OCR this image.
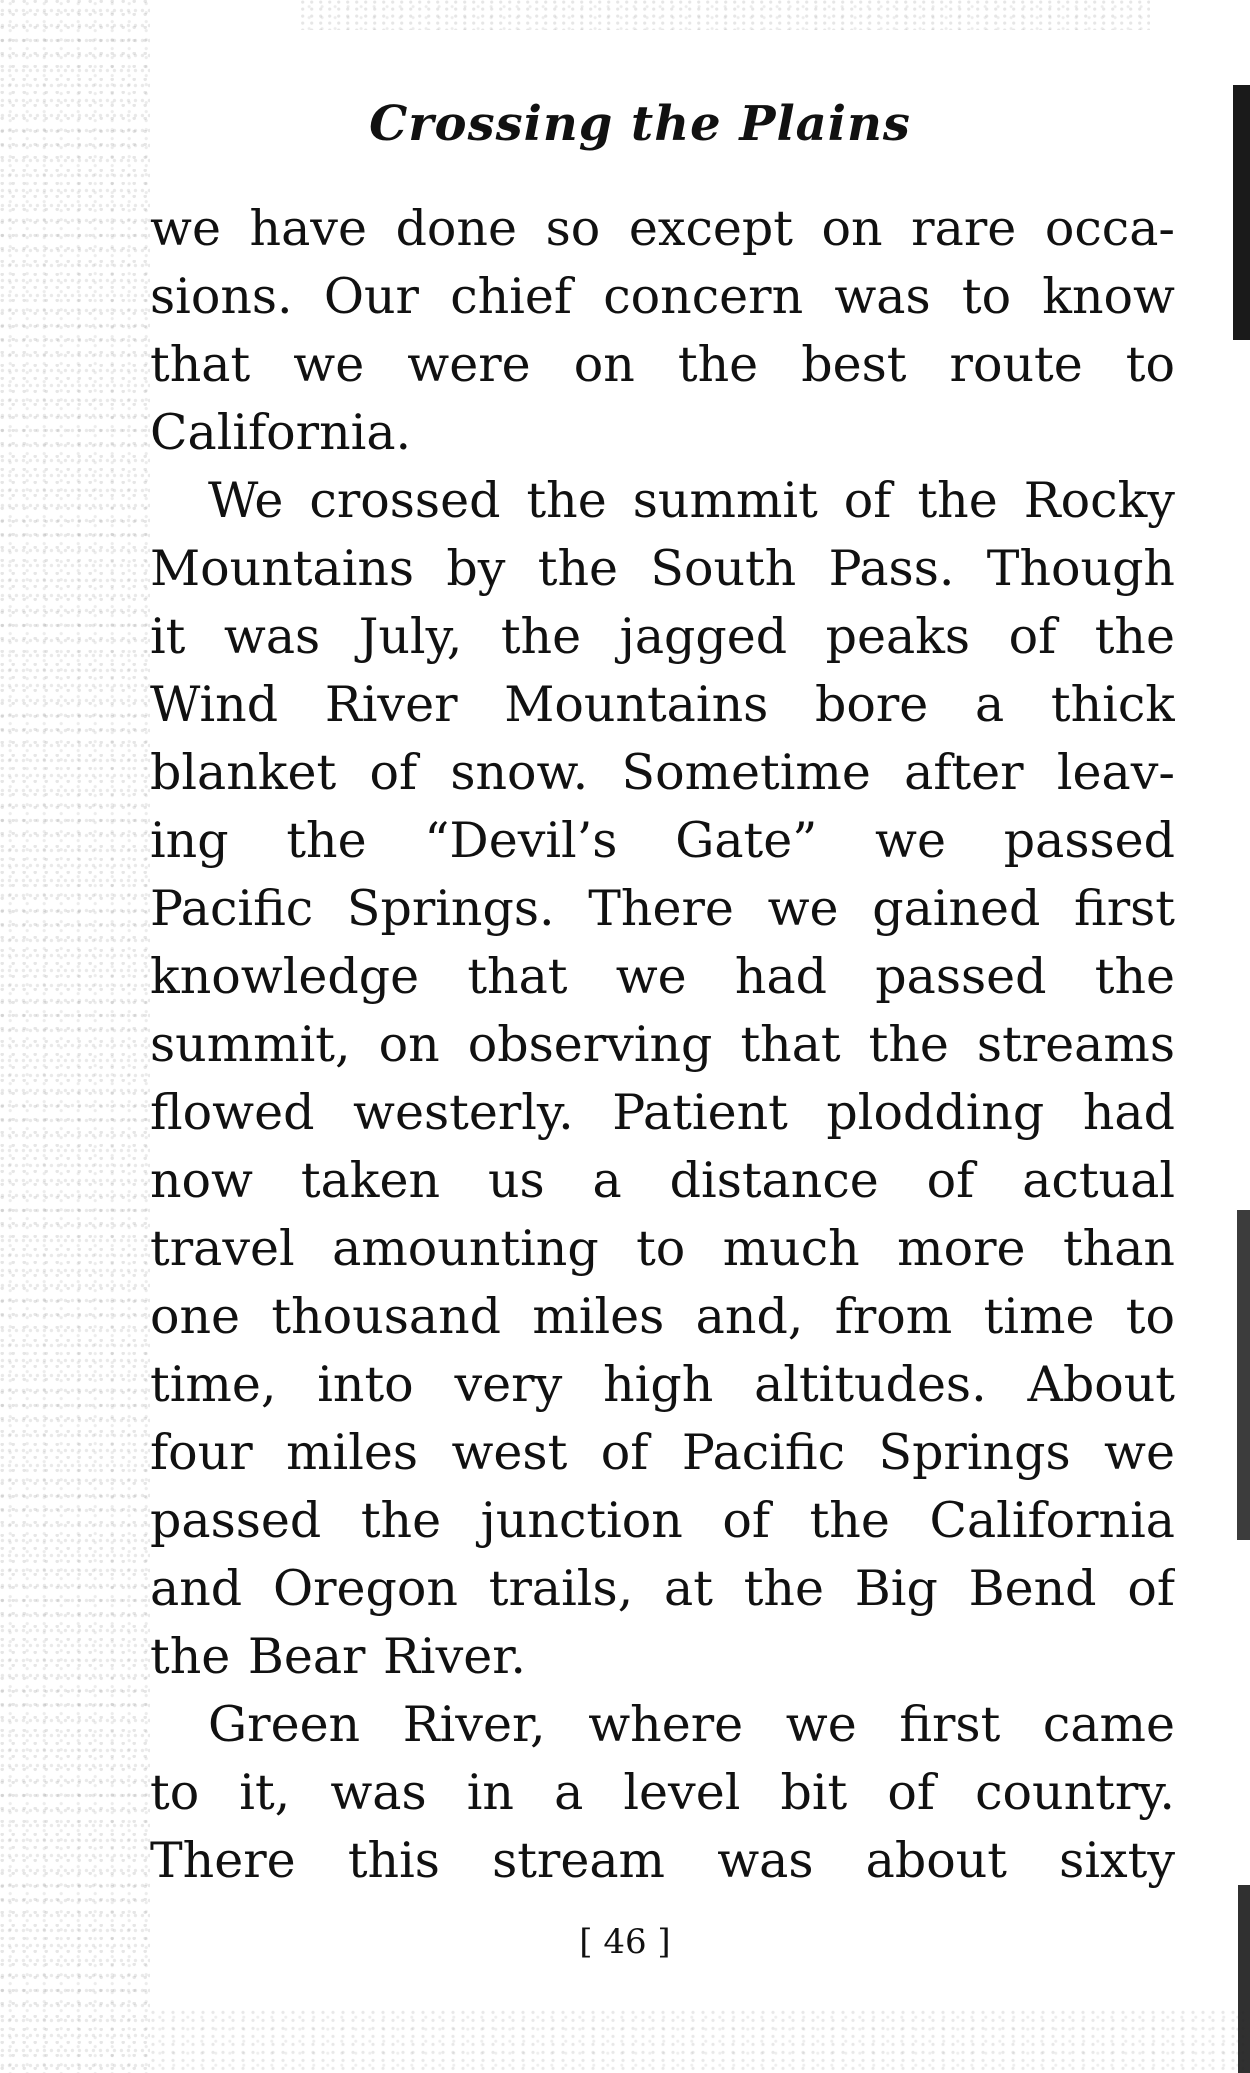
Crossing the Plains
we have done so except on rare occa-
sions. Our chief concern was to know
that we were on the best route to
California.
We crossed the summit of the Rocky
Mountains by the South Pass. Though
it was July, the jagged peaks of the
Wind River Mountains bore a thick
blanket of snow. Sometime after leav-
ing the “Devil’s Gate” we passed
Pacific Springs. There we gained first
knowledge that we had passed the
summit, on observing that the streams
flowed westerly. Patient plodding had
now taken us a distance of actual
travel amounting to much more than
one thousand miles and, from time to
time, into very high altitudes. About
four miles west of Pacific Springs we
passed the junction of the California
and Oregon trails, at the Big Bend of
the Bear River.
Green River, where we first came
to it, was in a level bit of country.
There this stream was about sixty
[ 46 ]
